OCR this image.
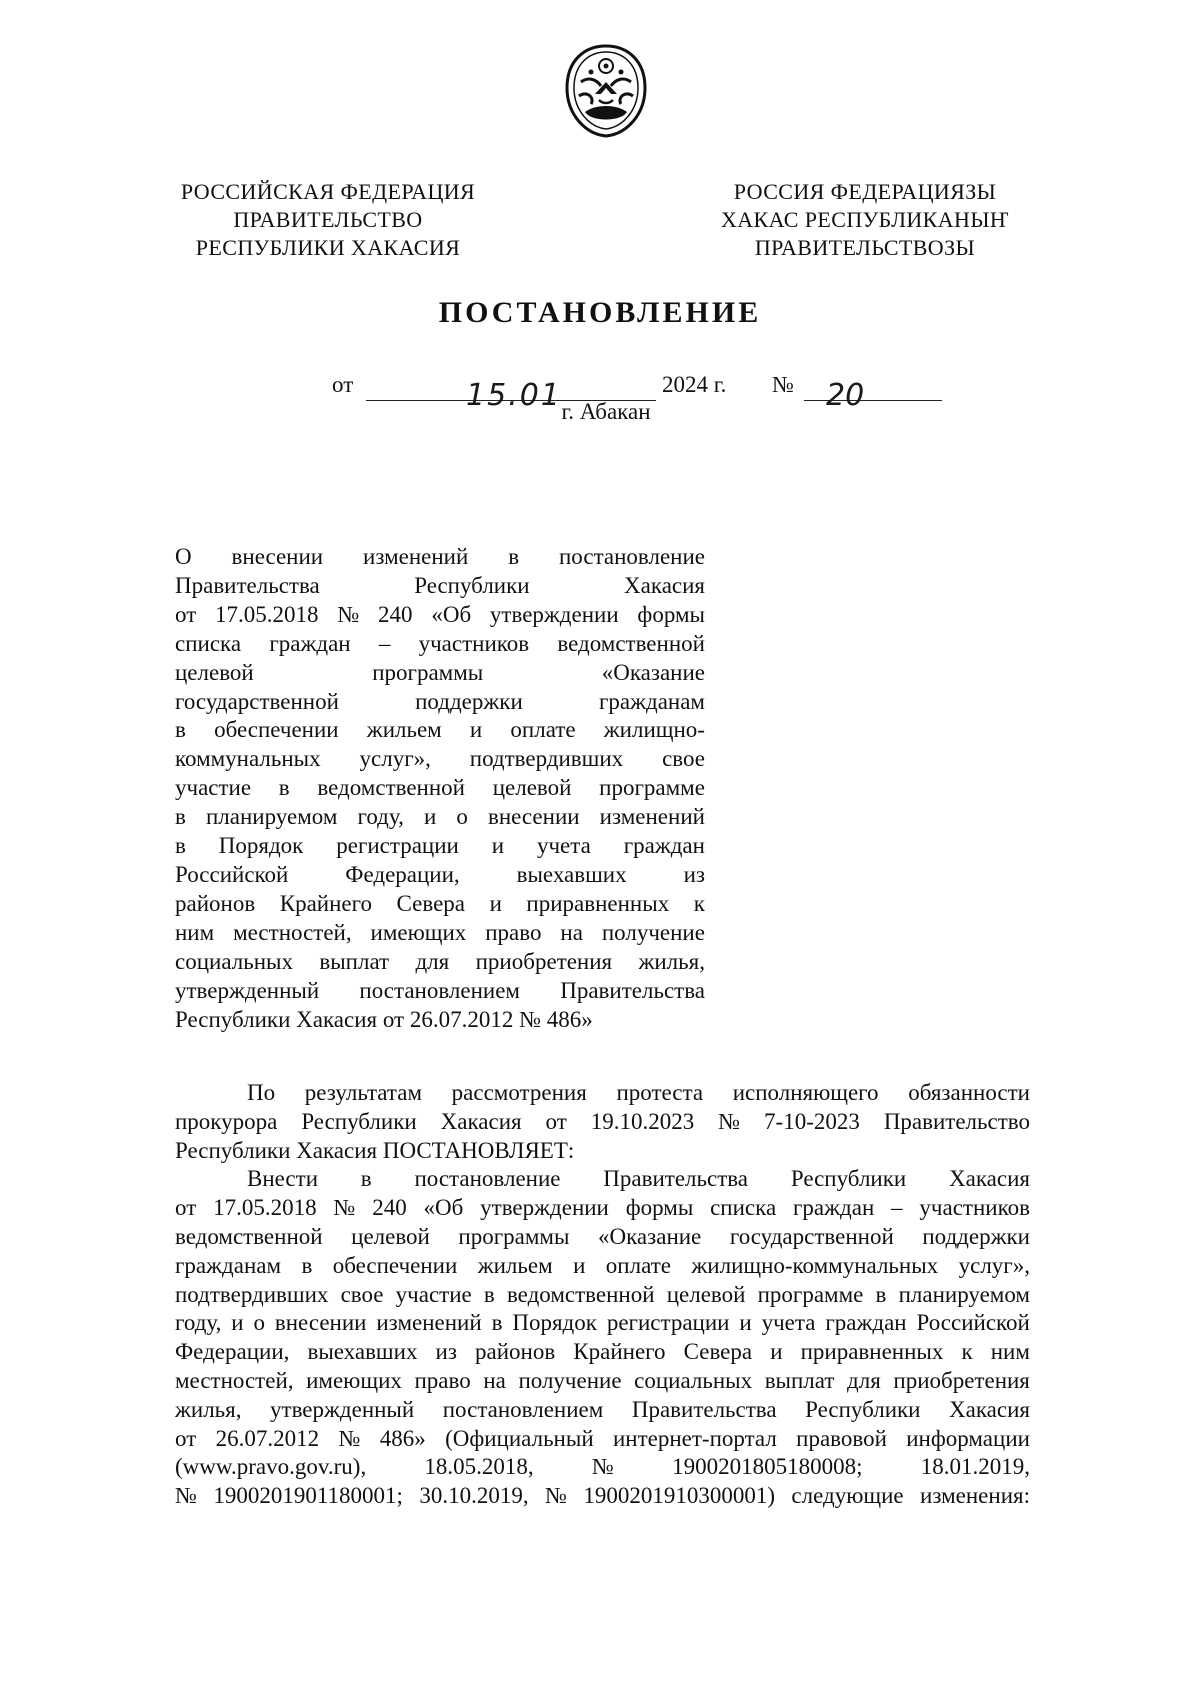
РОССИЙСКАЯ ФЕДЕРАЦИЯ
ПРАВИТЕЛЬСТВО
РЕСПУБЛИКИ ХАКАСИЯ
РОССИЯ ФЕДЕРАЦИЯЗЫ
ХАКАС РЕСПУБЛИКАНЫҤ
ПРАВИТЕЛЬСТВОЗЫ
ПОСТАНОВЛЕНИЕ
от	15.01	2024 г. № 20
г. Абакан
О внесении изменений в постановление
Правительства	Республики	Хакасия
от 17.05.2018 № 240 «Об утверждении формы
списка граждан – участников ведомственной
целевой	программы	«Оказание
государственной	поддержки	гражданам
в обеспечении жильем и оплате жилищно-
коммунальных услуг», подтвердивших свое
участие в ведомственной целевой программе
в планируемом году, и о внесении изменений
в Порядок регистрации и учета граждан
Российской Федерации, выехавших из
районов Крайнего Севера и приравненных к
ним местностей, имеющих право на получение
социальных выплат для приобретения жилья,
утвержденный постановлением Правительства
Республики Хакасия от 26.07.2012 № 486»
По результатам рассмотрения протеста исполняющего обязанности
прокурора Республики Хакасия от 19.10.2023 № 7-10-2023 Правительство
Республики Хакасия ПОСТАНОВЛЯЕТ:
Внести в постановление Правительства Республики Хакасия
от 17.05.2018 № 240 «Об утверждении формы списка граждан – участников
ведомственной целевой программы «Оказание государственной поддержки
гражданам в обеспечении жильем и оплате жилищно-коммунальных услуг»,
подтвердивших свое участие в ведомственной целевой программе в планируемом
году, и о внесении изменений в Порядок регистрации и учета граждан Российской
Федерации, выехавших из районов Крайнего Севера и приравненных к ним
местностей, имеющих право на получение социальных выплат для приобретения
жилья, утвержденный постановлением Правительства Республики Хакасия
от 26.07.2012 № 486» (Официальный интернет-портал правовой информации
(www.pravo.gov.ru),	18.05.2018,	№	1900201805180008;	18.01.2019,
№ 1900201901180001; 30.10.2019, № 1900201910300001) следующие изменения:
